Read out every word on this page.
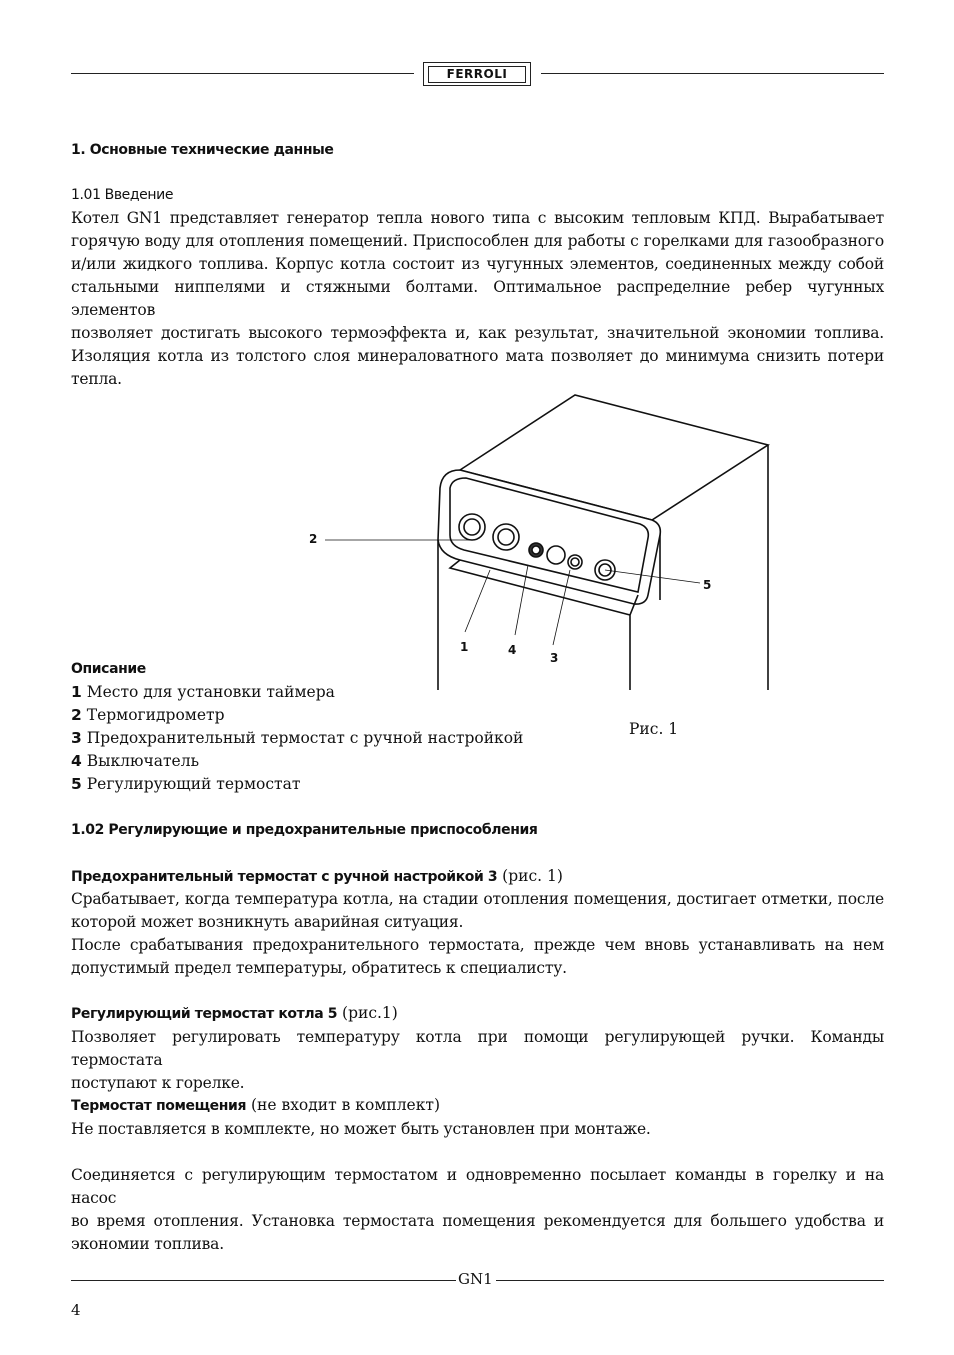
FERROLI
1. Основные технические данные
1.01 Введение
Котел GN1 представляет генератор тепла нового типа с высоким тепловым КПД. Вырабатывает
горячую воду для отопления помещений. Приспособлен для работы с горелками для газообразного
и/или жидкого топлива. Корпус котла состоит из чугунных элементов, соединенных между собой
стальными ниппелями и стяжными болтами. Оптимальное распределние ребер чугунных элементов
позволяет достигать высокого термоэффекта и, как результат, значительной экономии топлива.
Изоляция котла из толстого слоя минераловатного мата позволяет до минимума снизить потери тепла.
2
5
1	4
3
Описание
1 Место для установки таймера
2 Термогидрометр
3 Предохранительный термостат с ручной настройкой
4 Выключатель
5 Регулирующий термостат
Рис. 1
1.02 Регулирующие и предохранительные приспособления
Предохранительный термостат с ручной настройкой 3 (рис. 1)
Срабатывает, когда температура котла, на стадии отопления помещения, достигает отметки, после
которой может возникнуть аварийная ситуация.
После срабатывания предохранительного термостата, прежде чем вновь устанавливать на нем
допустимый предел температуры, обратитесь к специалисту.
Регулирующий термостат котла 5 (рис.1)
Позволяет регулировать температуру котла при помощи регулирующей ручки. Команды термостата
поступают к горелке.
Термостат помещения (не входит в комплект)
Не поставляется в комплекте, но может быть установлен при монтаже.
Соединяется с регулирующим термостатом и одновременно посылает команды в горелку и на насос
во время отопления. Установка термостата помещения рекомендуется для большего удобства и
экономии топлива.
GN1
4
